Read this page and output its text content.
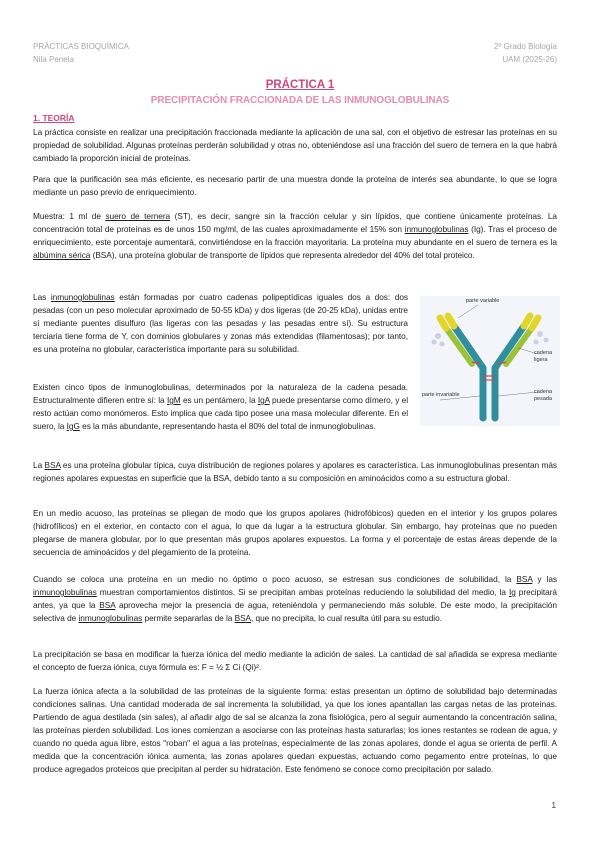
PRÁCTICAS BIOQUÍMICA
Nila Penela
2º Grado Biología
UAM (2025-26)
PRÁCTICA 1
PRECIPITACIÓN FRACCIONADA DE LAS INMUNOGLOBULINAS
1. TEORÍA
La práctica consiste en realizar una precipitación fraccionada mediante la aplicación de una sal, con el objetivo de estresar las proteínas en su propiedad de solubilidad. Algunas proteínas perderán solubilidad y otras no, obteniéndose así una fracción del suero de ternera en la que habrá cambiado la proporción inicial de proteínas.
Para que la purificación sea más eficiente, es necesario partir de una muestra donde la proteína de interés sea abundante, lo que se logra mediante un paso previo de enriquecimiento.
Muestra: 1 ml de suero de ternera (ST), es decir, sangre sin la fracción celular y sin lípidos, que contiene únicamente proteínas. La concentración total de proteínas es de unos 150 mg/ml, de las cuales aproximadamente el 15% son inmunoglobulinas (Ig). Tras el proceso de enriquecimiento, este porcentaje aumentará, convirtiéndose en la fracción mayoritaria. La proteína muy abundante en el suero de ternera es la albúmina sérica (BSA), una proteína globular de transporte de lípidos que representa alrededor del 40% del total proteico.
Las inmunoglobulinas están formadas por cuatro cadenas polipeptídicas iguales dos a dos: dos pesadas (con un peso molecular aproximado de 50-55 kDa) y dos ligeras (de 20-25 kDa), unidas entre sí mediante puentes disulfuro (las ligeras con las pesadas y las pesadas entre sí). Su estructura terciaria tiene forma de Y, con dominios globulares y zonas más extendidas (filamentosas); por tanto, es una proteína no globular, característica importante para su solubilidad.
Existen cinco tipos de inmunoglobulinas, determinados por la naturaleza de la cadena pesada. Estructuralmente difieren entre sí: la IgM es un pentámero, la IgA puede presentarse como dímero, y el resto actúan como monómeros. Esto implica que cada tipo posee una masa molecular diferente. En el suero, la IgG es la más abundante, representando hasta el 80% del total de inmunoglobulinas.
parte variable
cadena
ligera
parte invariable	cadena
pesada
La BSA es una proteína globular típica, cuya distribución de regiones polares y apolares es característica. Las inmunoglobulinas presentan más regiones apolares expuestas en superficie que la BSA, debido tanto a su composición en aminoácidos como a su estructura global.
En un medio acuoso, las proteínas se pliegan de modo que los grupos apolares (hidrofóbicos) queden en el interior y los grupos polares (hidrofílicos) en el exterior, en contacto con el agua, lo que da lugar a la estructura globular. Sin embargo, hay proteínas que no pueden plegarse de manera globular, por lo que presentan más grupos apolares expuestos. La forma y el porcentaje de estas áreas depende de la secuencia de aminoácidos y del plegamiento de la proteína.
Cuando se coloca una proteína en un medio no óptimo o poco acuoso, se estresan sus condiciones de solubilidad, la BSA y las inmunoglobulinas muestran comportamientos distintos. Si se precipitan ambas proteínas reduciendo la solubilidad del medio, la Ig precipitará antes, ya que la BSA aprovecha mejor la presencia de agua, reteniéndola y permaneciendo más soluble. De este modo, la precipitación selectiva de inmunoglobulinas permite separarlas de la BSA, que no precipita, lo cual resulta útil para su estudio.
La precipitación se basa en modificar la fuerza iónica del medio mediante la adición de sales. La cantidad de sal añadida se expresa mediante el concepto de fuerza iónica, cuya fórmula es: F = ½ Σ Ci (Qi)².
La fuerza iónica afecta a la solubilidad de las proteínas de la siguiente forma: estas presentan un óptimo de solubilidad bajo determinadas condiciones salinas. Una cantidad moderada de sal incrementa la solubilidad, ya que los iones apantallan las cargas netas de las proteínas. Partiendo de agua destilada (sin sales), al añadir algo de sal se alcanza la zona fisiológica, pero al seguir aumentando la concentración salina, las proteínas pierden solubilidad. Los iones comienzan a asociarse con las proteínas hasta saturarlas; los iones restantes se rodean de agua, y cuando no queda agua libre, estos "roban" el agua a las proteínas, especialmente de las zonas apolares, donde el agua se orienta de perfil. A medida que la concentración iónica aumenta, las zonas apolares quedan expuestas, actuando como pegamento entre proteínas, lo que produce agregados proteicos que precipitan al perder su hidratación. Este fenómeno se conoce como precipitación por salado.
1
